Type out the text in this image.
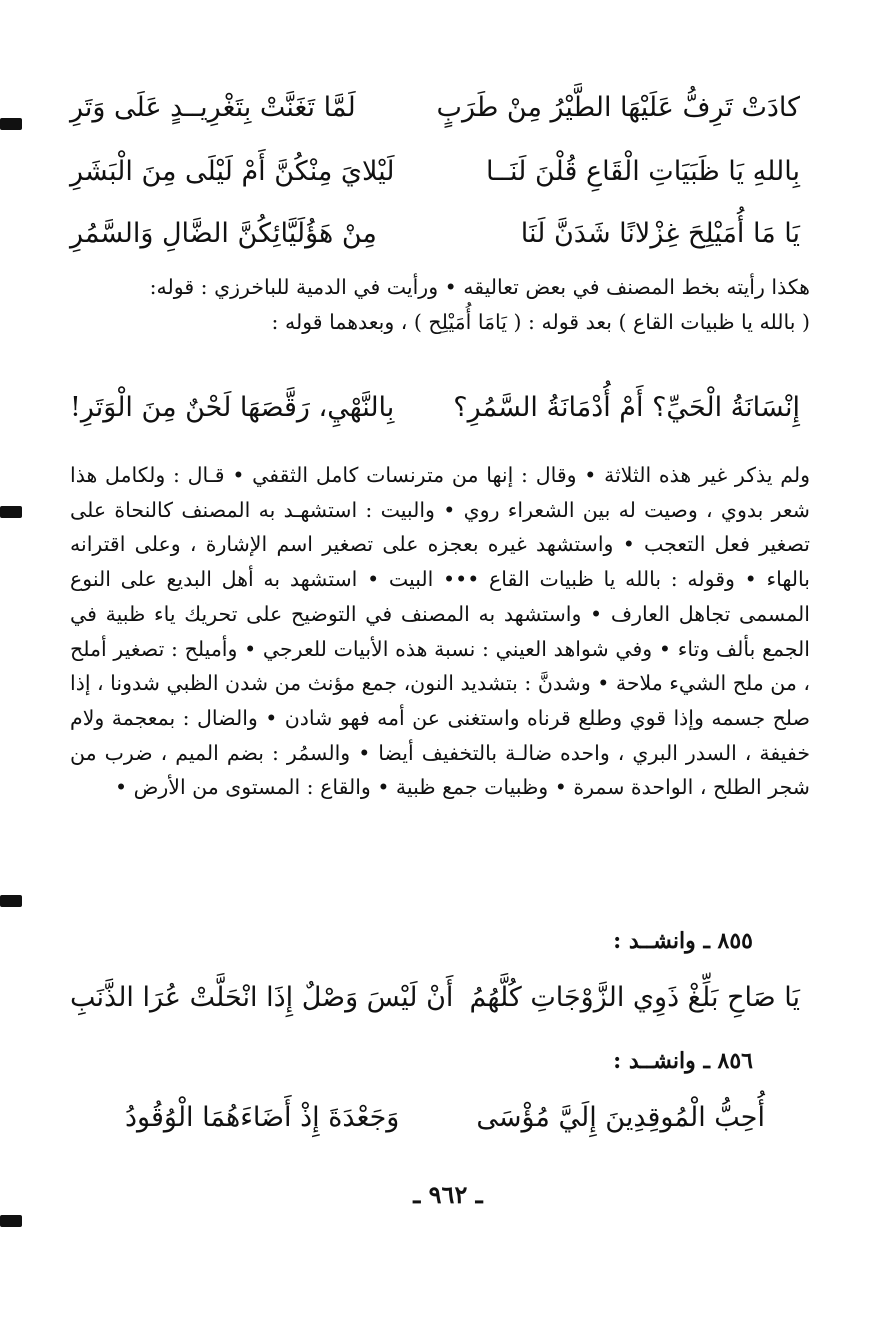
كادَتْ تَرِفُّ عَلَيْهَا الطَّيْرُ مِنْ طَرَبٍ
لَمَّا تَغَنَّتْ بِتَغْرِيــدٍ عَلَى وَتَرِ
بِاللهِ يَا ظَبَيَاتِ الْقَاعِ قُلْنَ لَنَــا
لَيْلايَ مِنْكُنَّ أَمْ لَيْلَى مِنَ الْبَشَرِ
يَا مَا أُمَيْلِحَ غِزْلانًا شَدَنَّ لَنَا
مِنْ هَؤُلَيَّائِكُنَّ الضَّالِ وَالسَّمُرِ

هكذا رأيته بخط المصنف في بعض تعاليقه • ورأيت في الدمية للباخرزي : قوله:

( بالله يا ظبيات القاع ) بعد قوله : ( يَامَا أُمَيْلِح ) ، وبعدهما قوله :

إِنْسَانَةُ الْحَيِّ؟ أَمْ أُدْمَانَةُ السَّمُرِ؟
بِالنَّهْيِ، رَقَّصَهَا لَحْنٌ مِنَ الْوَتَرِ!

ولم يذكر غير هذه الثلاثة • وقال : إنها من مترنسات كامل الثقفي • قـال : ولكامل هذا شعر بدوي ، وصيت له بين الشعراء روي • والبيت : استشهـد به المصنف كالنحاة على تصغير فعل التعجب • واستشهد غيره بعجزه على تصغير اسم الإشارة ، وعلى اقترانه بالهاء • وقوله : بالله يا ظبيات القاع ••• البيت • استشهد به أهل البديع على النوع المسمى تجاهل العارف • واستشهد به المصنف في التوضيح على تحريك ياء ظبية في الجمع بألف وتاء • وفي شواهد العيني : نسبة هذه الأبيات للعرجي • وأميلح : تصغير أملح ، من ملح الشيء ملاحة • وشدنَّ : بتشديد النون، جمع مؤنث من شدن الظبي شدونا ، إذا صلح جسمه وإذا قوي وطلع قرناه واستغنى عن أمه فهو شادن • والضال : بمعجمة ولام خفيفة ، السدر البري ، واحده ضالـة بالتخفيف أيضا • والسمُر : بضم الميم ، ضرب من شجر الطلح ، الواحدة سمرة • وظبيات جمع ظبية • والقاع : المستوى من الأرض •

٨٥٥ ـ وانشــد :
يَا صَاحِ بَلِّغْ ذَوِي الزَّوْجَاتِ كُلَّهُمُ
أَنْ لَيْسَ وَصْلٌ إِذَا انْحَلَّتْ عُرَا الذَّنَبِ
٨٥٦ ـ وانشــد :
أُحِبُّ الْمُوقِدِينَ إِلَيَّ مُؤْسَى
وَجَعْدَةَ إِذْ أَضَاءَهُمَا الْوُقُودُ
ـ ٩٦٢ ـ
